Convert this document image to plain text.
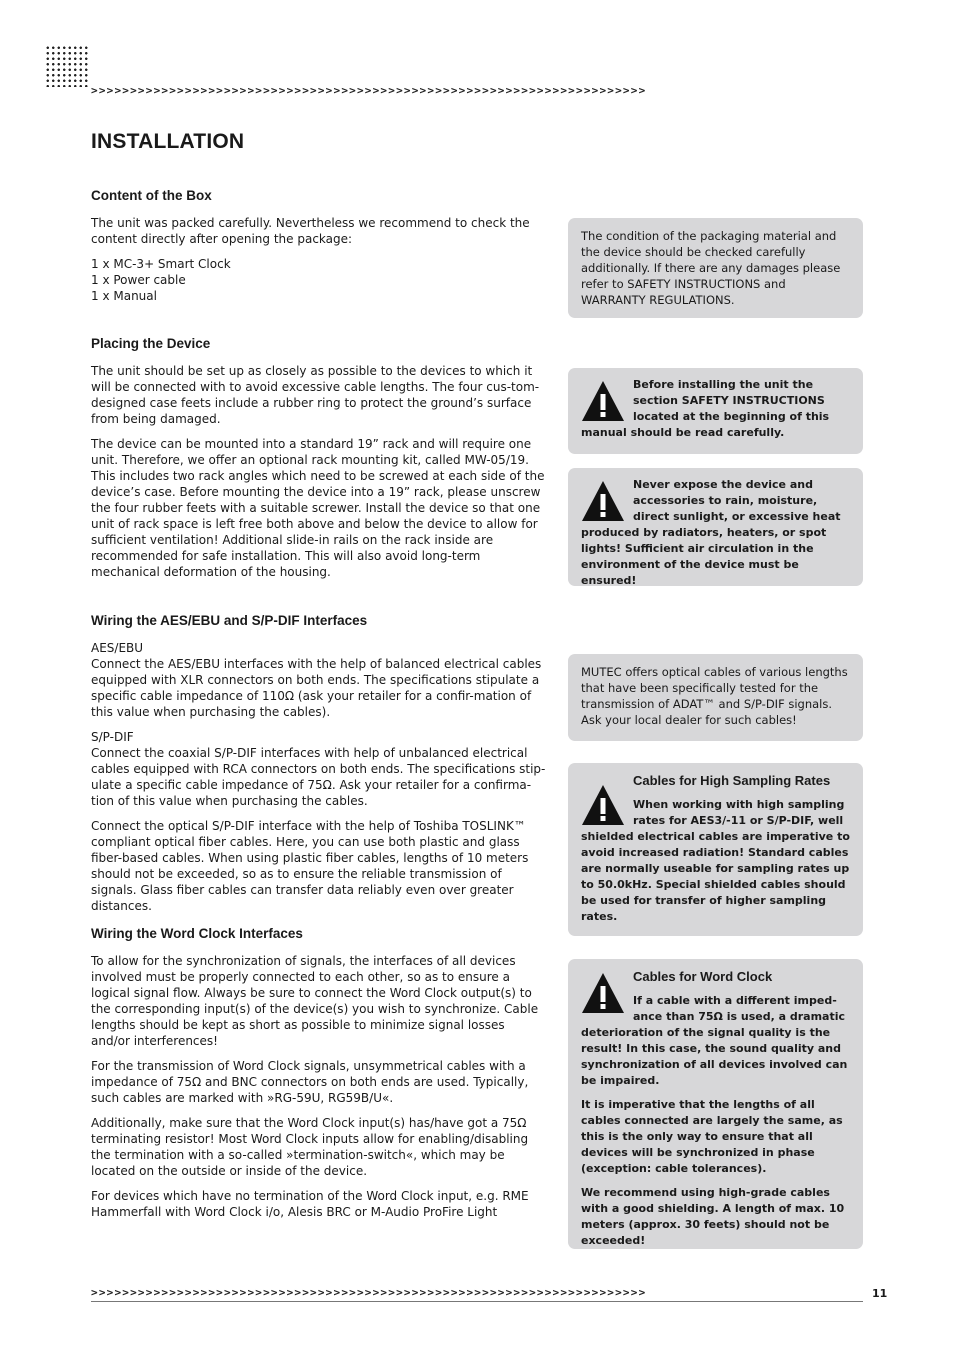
>>>>>>>>>>>>>>>>>>>>>>>>>>>>>>>>>>>>>>>>>>>>>>>>>>>>>>>>>>>>>>>>>>>>>>>
INSTALLATION
Content of the Box

The unit was packed carefully. Nevertheless we recommend to check the content directly after opening the package:

1 x MC-3+ Smart Clock
1 x Power cable
1 x Manual
Placing the Device

The unit should be set up as closely as possible to the devices to which it will be connected with to avoid excessive cable lengths. The four cus-tom-designed case feets include a rubber ring to protect the ground’s surface from being damaged.

The device can be mounted into a standard 19” rack and will require one unit. Therefore, we offer an optional rack mounting kit, called MW-05/19. This includes two rack angles which need to be screwed at each side of the device’s case. Before mounting the device into a 19” rack, please unscrew the four rubber feets with a suitable screwer. Install the device so that one unit of rack space is left free both above and below the device to allow for sufficient ventilation! Additional slide-in rails on the rack inside are recommended for safe installation. This will also avoid long-term mechanical deformation of the housing.

Wiring the AES/EBU and S/P-DIF Interfaces
AES/EBU

Connect the AES/EBU interfaces with the help of balanced electrical cables equipped with XLR connectors on both ends. The specifications stipulate a specific cable impedance of 110Ω (ask your retailer for a confir-mation of this value when purchasing the cables).

S/P-DIF

Connect the coaxial S/P-DIF interfaces with help of unbalanced electrical cables equipped with RCA connectors on both ends. The specifications stip-ulate a specific cable impedance of 75Ω. Ask your retailer for a confirma-tion of this value when purchasing the cables.

Connect the optical S/P-DIF interface with the help of Toshiba TOSLINK™ compliant optical fiber cables. Here, you can use both plastic and glass fiber-based cables. When using plastic fiber cables, lengths of 10 meters should not be exceeded, so as to ensure the reliable transmission of signals. Glass fiber cables can transfer data reliably even over greater distances.

Wiring the Word Clock Interfaces

To allow for the synchronization of signals, the interfaces of all devices involved must be properly connected to each other, so as to ensure a logical signal flow. Always be sure to connect the Word Clock output(s) to the corresponding input(s) of the device(s) you wish to synchronize. Cable lengths should be kept as short as possible to minimize signal losses and/or interferences!

For the transmission of Word Clock signals, unsymmetrical cables with a impedance of 75Ω and BNC connectors on both ends are used. Typically, such cables are marked with »RG-59U, RG59B/U«.

Additionally, make sure that the Word Clock input(s) has/have got a 75Ω terminating resistor! Most Word Clock inputs allow for enabling/disabling the termination with a so-called »termination-switch«, which may be located on the outside or inside of the device.

For devices which have no termination of the Word Clock input, e.g. RME Hammerfall with Word Clock i/o, Alesis BRC or M-Audio ProFire Light

The condition of the packaging material and the device should be checked carefully additionally. If there are any damages please refer to SAFETY INSTRUCTIONS and WARRANTY REGULATIONS.

Before installing the unit the section SAFETY INSTRUCTIONS located at the beginning of this manual should be read carefully.

Never expose the device and accessories to rain, moisture, direct sunlight, or excessive heat produced by radiators, heaters, or spot lights! Sufficient air circulation in the environment of the device must be ensured!

MUTEC offers optical cables of various lengths that have been specifically tested for the transmission of ADAT™ and S/P-DIF signals. Ask your local dealer for such cables!

Cables for High Sampling Rates

When working with high sampling rates for AES3/-11 or S/P-DIF, well shielded electrical cables are imperative to avoid increased radiation! Standard cables are normally useable for sampling rates up to 50.0kHz. Special shielded cables should be used for transfer of higher sampling rates.

Cables for Word Clock

If a cable with a different imped-ance than 75Ω is used, a dramatic deterioration of the signal quality is the result! In this case, the sound quality and synchronization of all devices involved can be impaired.

It is imperative that the lengths of all cables connected are largely the same, as this is the only way to ensure that all devices will be synchronized in phase (exception: cable tolerances).

We recommend using high-grade cables with a good shielding. A length of max. 10 meters (approx. 30 feets) should not be exceeded!

>>>>>>>>>>>>>>>>>>>>>>>>>>>>>>>>>>>>>>>>>>>>>>>>>>>>>>>>>>>>>>>>>>>>>>>	11
